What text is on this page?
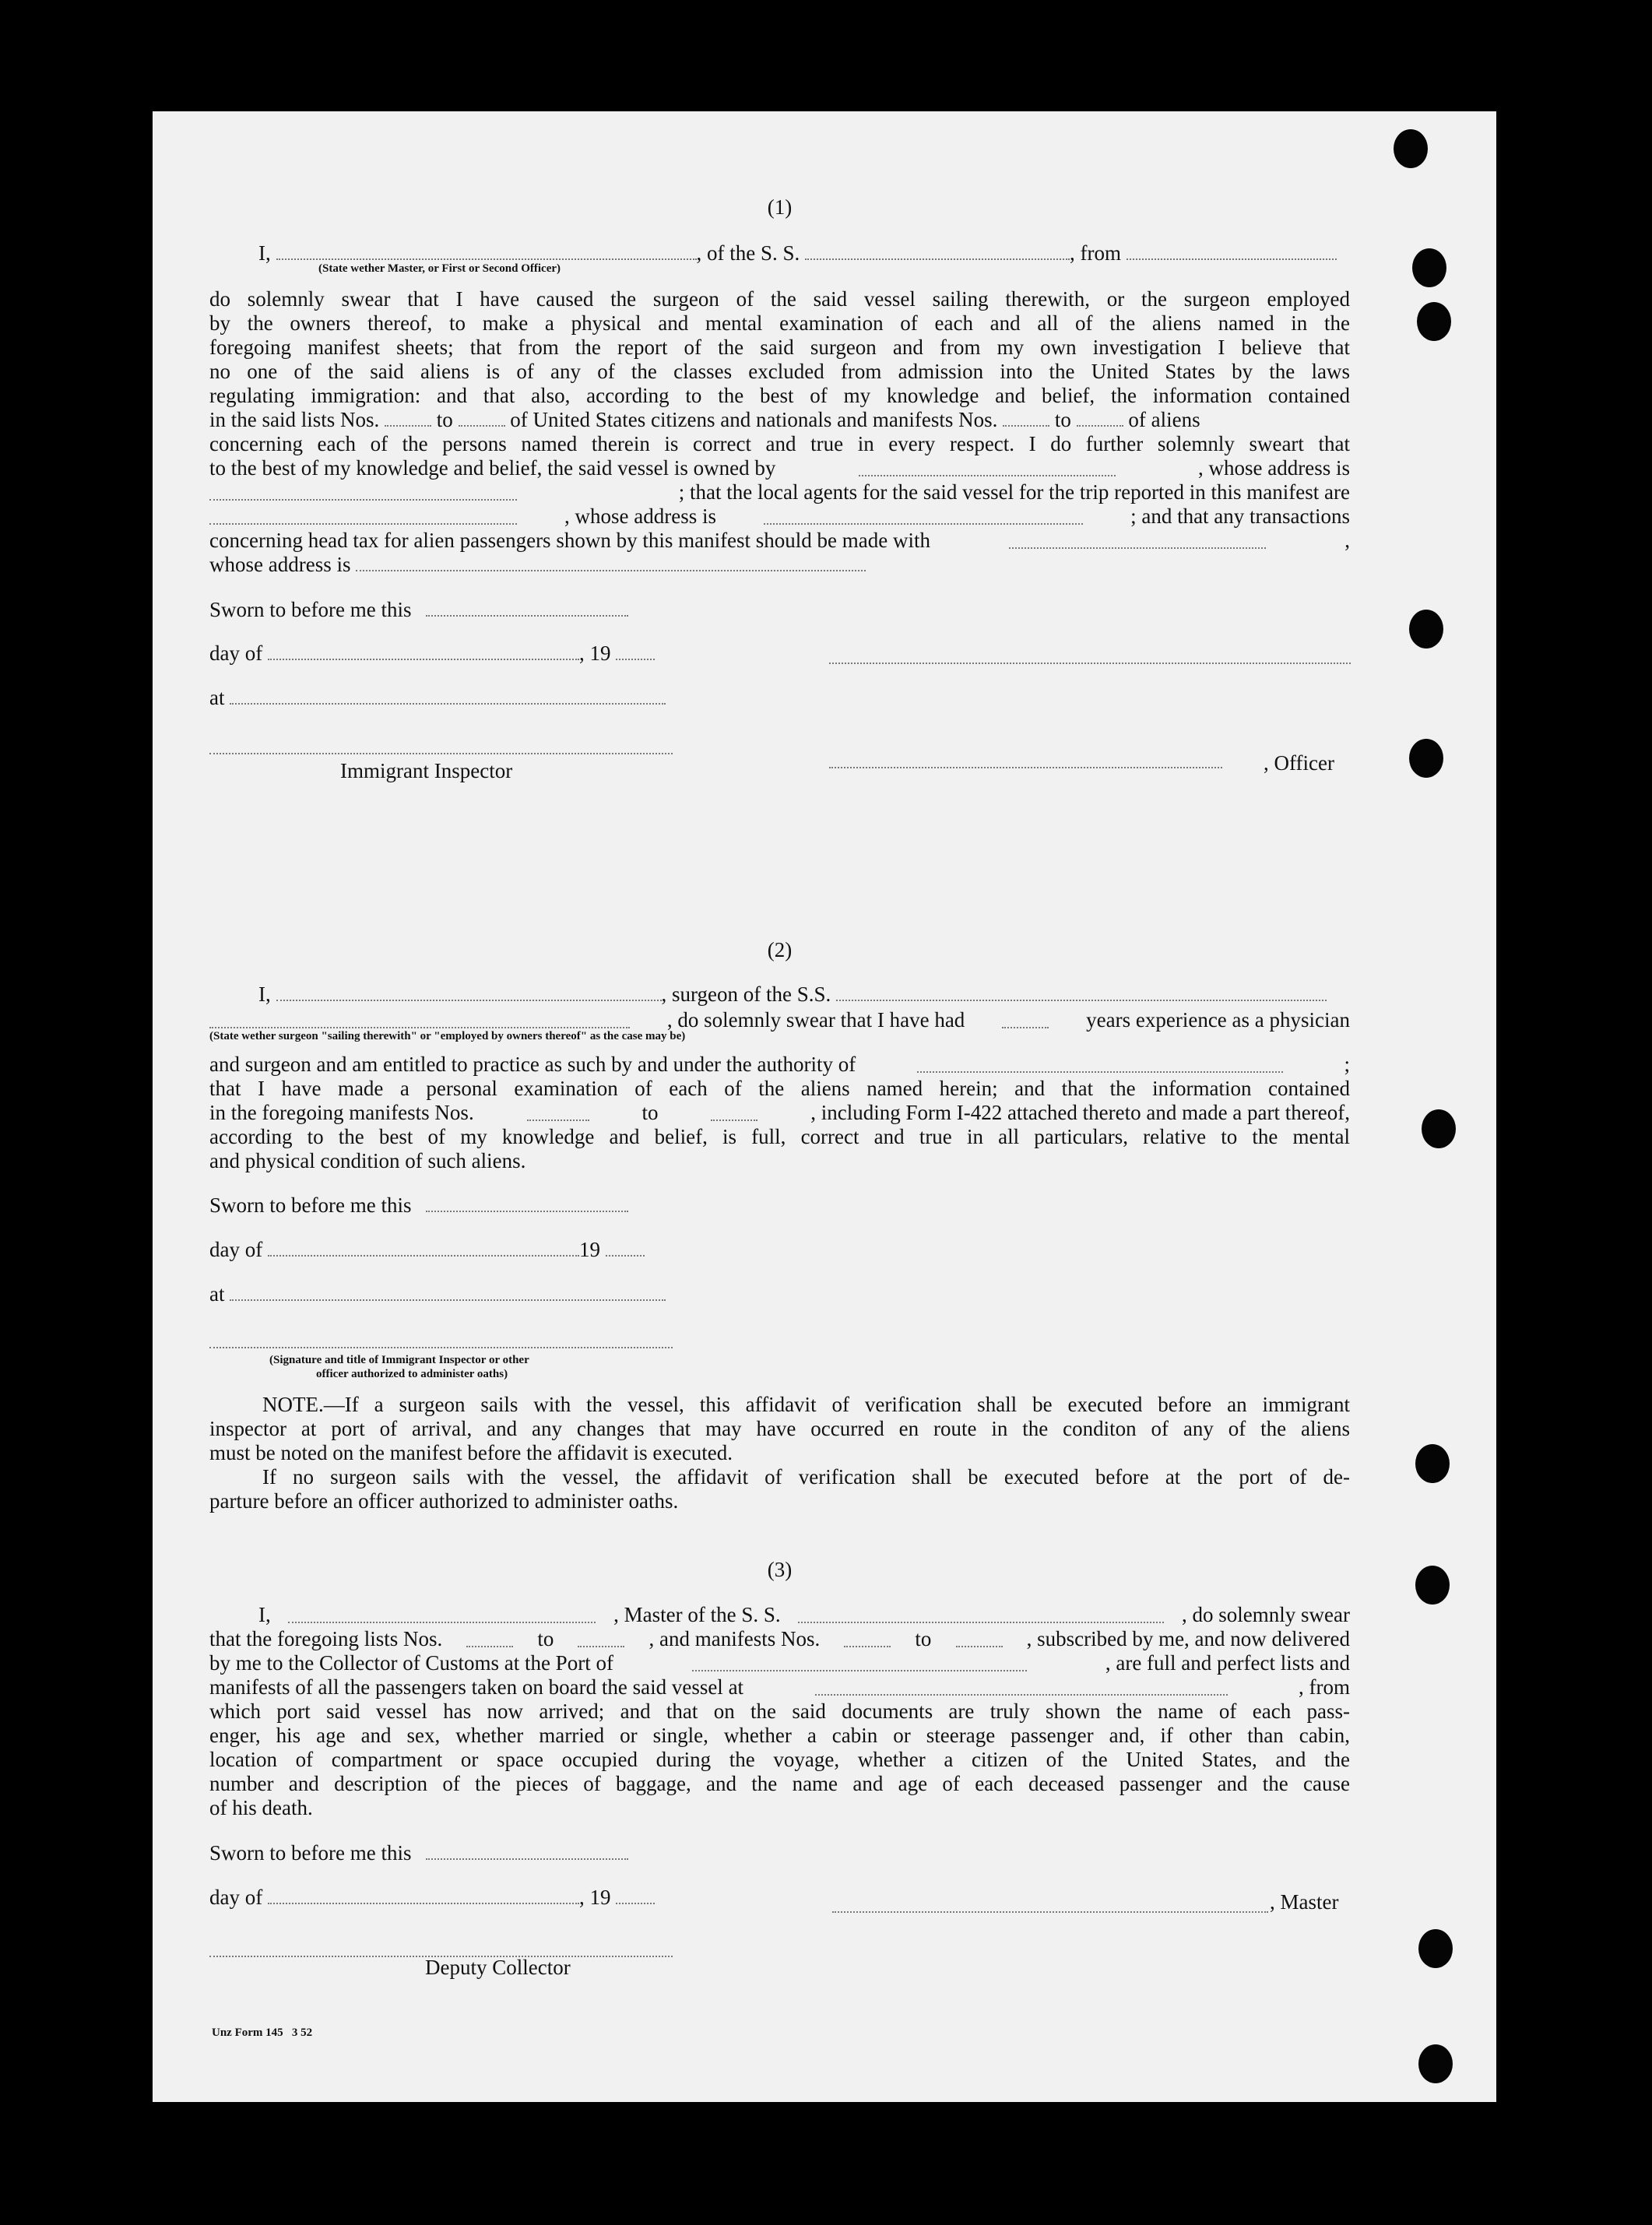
(1)
I,	, of the S. S.	, from
(State wether Master, or First or Second Officer)
do solemnly swear that I have caused the surgeon of the said vessel sailing therewith, or the surgeon employed
by the owners thereof, to make a physical and mental examination of each and all of the aliens named in the
foregoing manifest sheets; that from the report of the said surgeon and from my own investigation I believe that
no one of the said aliens is of any of the classes excluded from admission into the United States by the laws
regulating immigration: and that also, according to the best of my knowledge and belief, the information contained
in the said lists Nos.	to	of United States citizens and nationals and manifests Nos.	to	of aliens
concerning each of the persons named therein is correct and true in every respect. I do further solemnly sweart that
to the best of my knowledge and belief, the said vessel is owned by	, whose address is
; that the local agents for the said vessel for the trip reported in this manifest are
, whose address is	; and that any transactions
concerning head tax for alien passengers shown by this manifest should be made with	,
whose address is
Sworn to before me this
day of	, 19
at
Immigrant Inspector	, Officer
(2)
I,	, surgeon of the S.S.
, do solemnly swear that I have had	years experience as a physician
(State wether surgeon "sailing therewith" or "employed by owners thereof" as the case may be)
and surgeon and am entitled to practice as such by and under the authority of	;
that I have made a personal examination of each of the aliens named herein; and that the information contained
in the foregoing manifests Nos.	to	, including Form I-422 attached thereto and made a part thereof,
according to the best of my knowledge and belief, is full, correct and true in all particulars, relative to the mental
and physical condition of such aliens.
Sworn to before me this
day of	19
at
(Signature and title of Immigrant Inspector or other
officer authorized to administer oaths)
NOTE.—If a surgeon sails with the vessel, this affidavit of verification shall be executed before an immigrant
inspector at port of arrival, and any changes that may have occurred en route in the conditon of any of the aliens
must be noted on the manifest before the affidavit is executed.
If no surgeon sails with the vessel, the affidavit of verification shall be executed before at the port of de-
parture before an officer authorized to administer oaths.
(3)
I,	, Master of the S. S.	, do solemnly swear
that the foregoing lists Nos.	to	, and manifests Nos.	to	, subscribed by me, and now delivered
by me to the Collector of Customs at the Port of	, are full and perfect lists and
manifests of all the passengers taken on board the said vessel at	, from
which port said vessel has now arrived; and that on the said documents are truly shown the name of each pass-
enger, his age and sex, whether married or single, whether a cabin or steerage passenger and, if other than cabin,
location of compartment or space occupied during the voyage, whether a citizen of the United States, and the
number and description of the pieces of baggage, and the name and age of each deceased passenger and the cause
of his death.
Sworn to before me this
day of	, 19	, Master
Deputy Collector
Unz Form 145   3 52
